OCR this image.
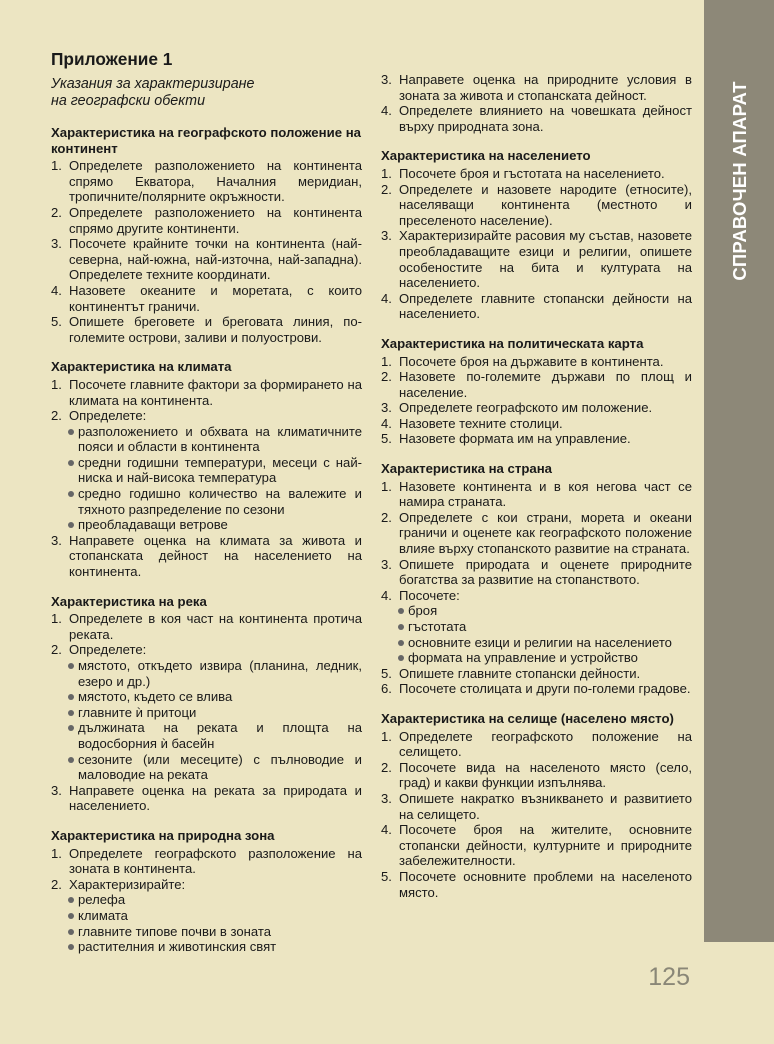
СПРАВОЧЕН АПАРАТ
Приложение 1
Указания за характеризиране
на географски обекти
Характеристика на географското положение на континент
1. Определете разположението на континента спрямо Екватора, Началния меридиан, тропичните/полярните окръжности.
2. Определете разположението на континента спрямо другите континенти.
3. Посочете крайните точки на континента (най-северна, най-южна, най-източна, най-западна). Определете техните координати.
4. Назовете океаните и моретата, с които континентът граничи.
5. Опишете бреговете и бреговата линия, по-големите острови, заливи и полуострови.
Характеристика на климата
1. Посочете главните фактори за формирането на климата на континента.
2. Определете:
разположението и обхвата на климатичните пояси и области в континента
средни годишни температури, месеци с най-ниска и най-висока температура
средно годишно количество на валежите и тяхното разпределение по сезони
преобладаващи ветрове
3. Направете оценка на климата за живота и стопанската дейност на населението на континента.
Характеристика на река
1. Определете в коя част на континента протича реката.
2. Определете:
мястото, откъдето извира (планина, ледник, езеро и др.)
мястото, където се влива
главните ѝ притоци
дължината на реката и площта на водосборния ѝ басейн
сезоните (или месеците) с пълноводие и маловодие на реката
3. Направете оценка на реката за природата и населението.
Характеристика на природна зона
1. Определете географското разположение на зоната в континента.
2. Характеризирайте:
релефа
климата
главните типове почви в зоната
растителния и животинския свят
3. Направете оценка на природните условия в зоната за живота и стопанската дейност.
4. Определете влиянието на човешката дейност върху природната зона.
Характеристика на населението
1. Посочете броя и гъстотата на населението.
2. Определете и назовете народите (етносите), населяващи континента (местното и преселеното население).
3. Характеризирайте расовия му състав, назовете преобладаващите езици и религии, опишете особеностите на бита и културата на населението.
4. Определете главните стопански дейности на населението.
Характеристика на политическата карта
1. Посочете броя на държавите в континента.
2. Назовете по-големите държави по площ и население.
3. Определете географското им положение.
4. Назовете техните столици.
5. Назовете формата им на управление.
Характеристика на страна
1. Назовете континента и в коя негова част се намира страната.
2. Определете с кои страни, морета и океани граничи и оценете как географското положение влияе върху стопанското развитие на страната.
3. Опишете природата и оценете природните богатства за развитие на стопанството.
4. Посочете:
броя
гъстотата
основните езици и религии на населението
формата на управление и устройство
5. Опишете главните стопански дейности.
6. Посочете столицата и други по-големи градове.
Характеристика на селище (населено място)
1. Определете географското положение на селището.
2. Посочете вида на населеното място (село, град) и какви функции изпълнява.
3. Опишете накратко възникването и развитието на селището.
4. Посочете броя на жителите, основните стопански дейности, културните и природните забележителности.
5. Посочете основните проблеми на населеното място.
125
